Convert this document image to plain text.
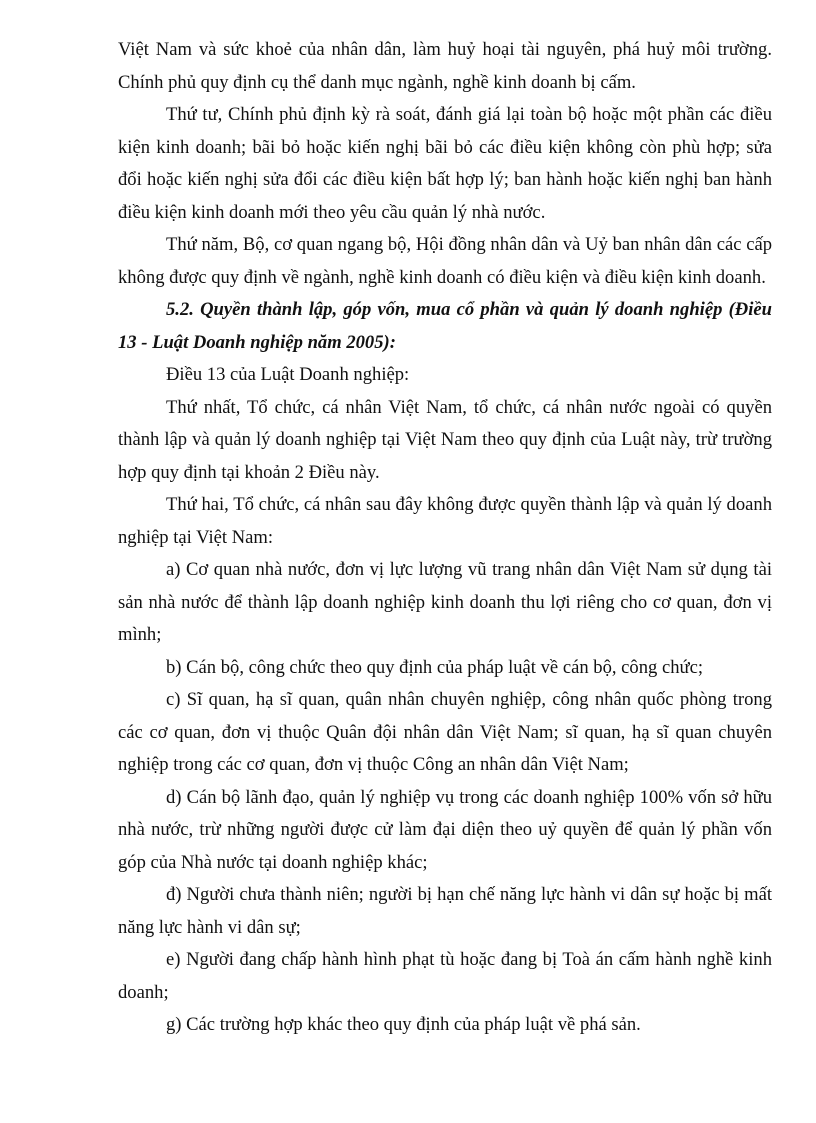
Việt Nam và sức khoẻ của nhân dân, làm huỷ hoại tài nguyên, phá huỷ môi trường. Chính phủ quy định cụ thể danh mục ngành, nghề kinh doanh bị cấm.

Thứ tư, Chính phủ định kỳ rà soát, đánh giá lại toàn bộ hoặc một phần các điều kiện kinh doanh; bãi bỏ hoặc kiến nghị bãi bỏ các điều kiện không còn phù hợp; sửa đổi hoặc kiến nghị sửa đổi các điều kiện bất hợp lý; ban hành hoặc kiến nghị ban hành điều kiện kinh doanh mới theo yêu cầu quản lý nhà nước.

Thứ năm, Bộ, cơ quan ngang bộ, Hội đồng nhân dân và Uỷ ban nhân dân các cấp không được quy định về ngành, nghề kinh doanh có điều kiện và điều kiện kinh doanh.

5.2. Quyền thành lập, góp vốn, mua cổ phần và quản lý doanh nghiệp (Điều 13 - Luật Doanh nghiệp năm 2005):

Điều 13 của Luật Doanh nghiệp:

Thứ nhất, Tổ chức, cá nhân Việt Nam, tổ chức, cá nhân nước ngoài có quyền thành lập và quản lý doanh nghiệp tại Việt Nam theo quy định của Luật này, trừ trường hợp quy định tại khoản 2 Điều này.

Thứ hai, Tổ chức, cá nhân sau đây không được quyền thành lập và quản lý doanh nghiệp tại Việt Nam:

a) Cơ quan nhà nước, đơn vị lực lượng vũ trang nhân dân Việt Nam sử dụng tài sản nhà nước để thành lập doanh nghiệp kinh doanh thu lợi riêng cho cơ quan, đơn vị mình;

b) Cán bộ, công chức theo quy định của pháp luật về cán bộ, công chức;

c) Sĩ quan, hạ sĩ quan, quân nhân chuyên nghiệp, công nhân quốc phòng trong các cơ quan, đơn vị thuộc Quân đội nhân dân Việt Nam; sĩ quan, hạ sĩ quan chuyên nghiệp trong các cơ quan, đơn vị thuộc Công an nhân dân Việt Nam;

d) Cán bộ lãnh đạo, quản lý nghiệp vụ trong các doanh nghiệp 100% vốn sở hữu nhà nước, trừ những người được cử làm đại diện theo uỷ quyền để quản lý phần vốn góp của Nhà nước tại doanh nghiệp khác;

đ) Người chưa thành niên; người bị hạn chế năng lực hành vi dân sự hoặc bị mất năng lực hành vi dân sự;

e) Người đang chấp hành hình phạt tù hoặc đang bị Toà án cấm hành nghề kinh doanh;

g) Các trường hợp khác theo quy định của pháp luật về phá sản.
